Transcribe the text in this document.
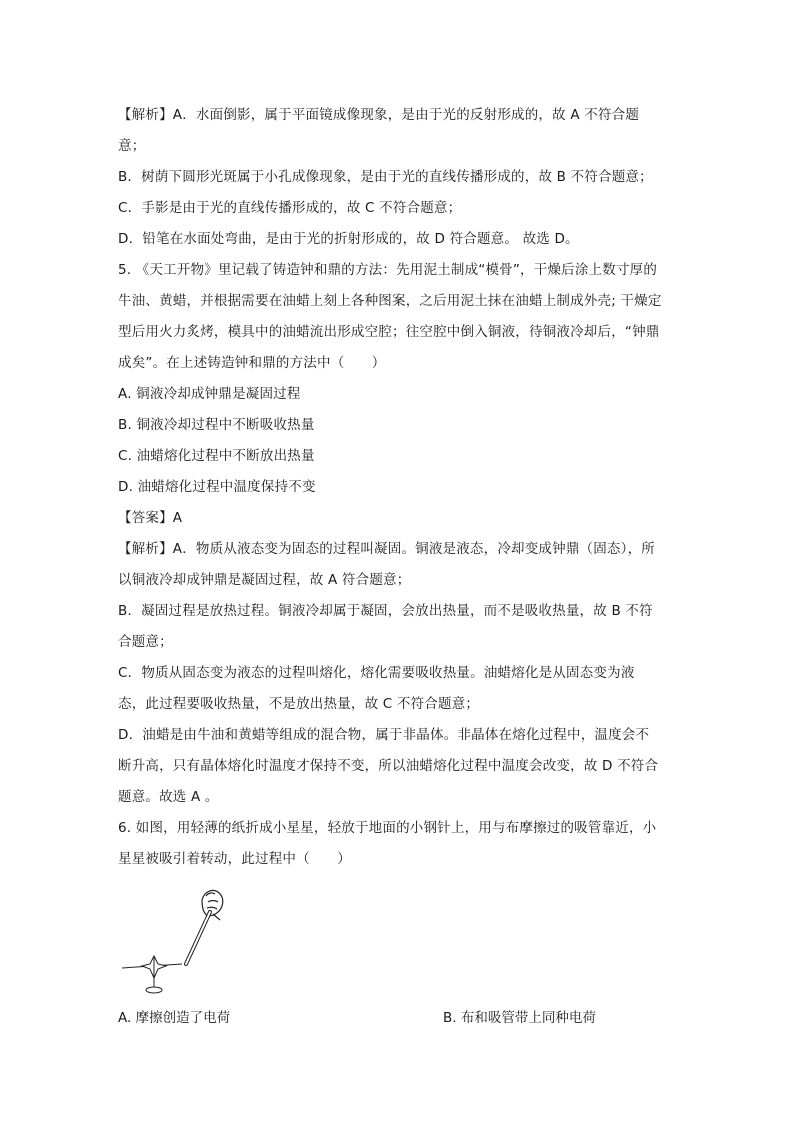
【解析】A．水面倒影，属于平面镜成像现象，是由于光的反射形成的，故 A 不符合题
意；
B．树荫下圆形光斑属于小孔成像现象，是由于光的直线传播形成的，故 B 不符合题意；
C．手影是由于光的直线传播形成的，故 C 不符合题意；
D．铅笔在水面处弯曲，是由于光的折射形成的，故 D 符合题意。 故选 D。
5. 《天工开物》里记载了铸造钟和鼎的方法：先用泥土制成“模骨”，干燥后涂上数寸厚的
牛油、黄蜡，并根据需要在油蜡上刻上各种图案，之后用泥土抹在油蜡上制成外壳; 干燥定
型后用火力炙烤，模具中的油蜡流出形成空腔；往空腔中倒入铜液，待铜液冷却后，“钟鼎
成矣”。在上述铸造钟和鼎的方法中（　　）
A. 铜液冷却成钟鼎是凝固过程
B. 铜液冷却过程中不断吸收热量
C. 油蜡熔化过程中不断放出热量
D. 油蜡熔化过程中温度保持不变
【答案】A
【解析】A．物质从液态变为固态的过程叫凝固。铜液是液态，冷却变成钟鼎（固态），所
以铜液冷却成钟鼎是凝固过程，故 A 符合题意；
B．凝固过程是放热过程。铜液冷却属于凝固，会放出热量，而不是吸收热量，故 B 不符
合题意；
C．物质从固态变为液态的过程叫熔化，熔化需要吸收热量。油蜡熔化是从固态变为液
态，此过程要吸收热量，不是放出热量，故 C 不符合题意；
D．油蜡是由牛油和黄蜡等组成的混合物，属于非晶体。非晶体在熔化过程中，温度会不
断升高，只有晶体熔化时温度才保持不变，所以油蜡熔化过程中温度会改变，故 D 不符合
题意。故选 A 。
6. 如图，用轻薄的纸折成小星星，轻放于地面的小钢针上，用与布摩擦过的吸管靠近，小
星星被吸引着转动，此过程中（　　）
A. 摩擦创造了电荷	B. 布和吸管带上同种电荷
